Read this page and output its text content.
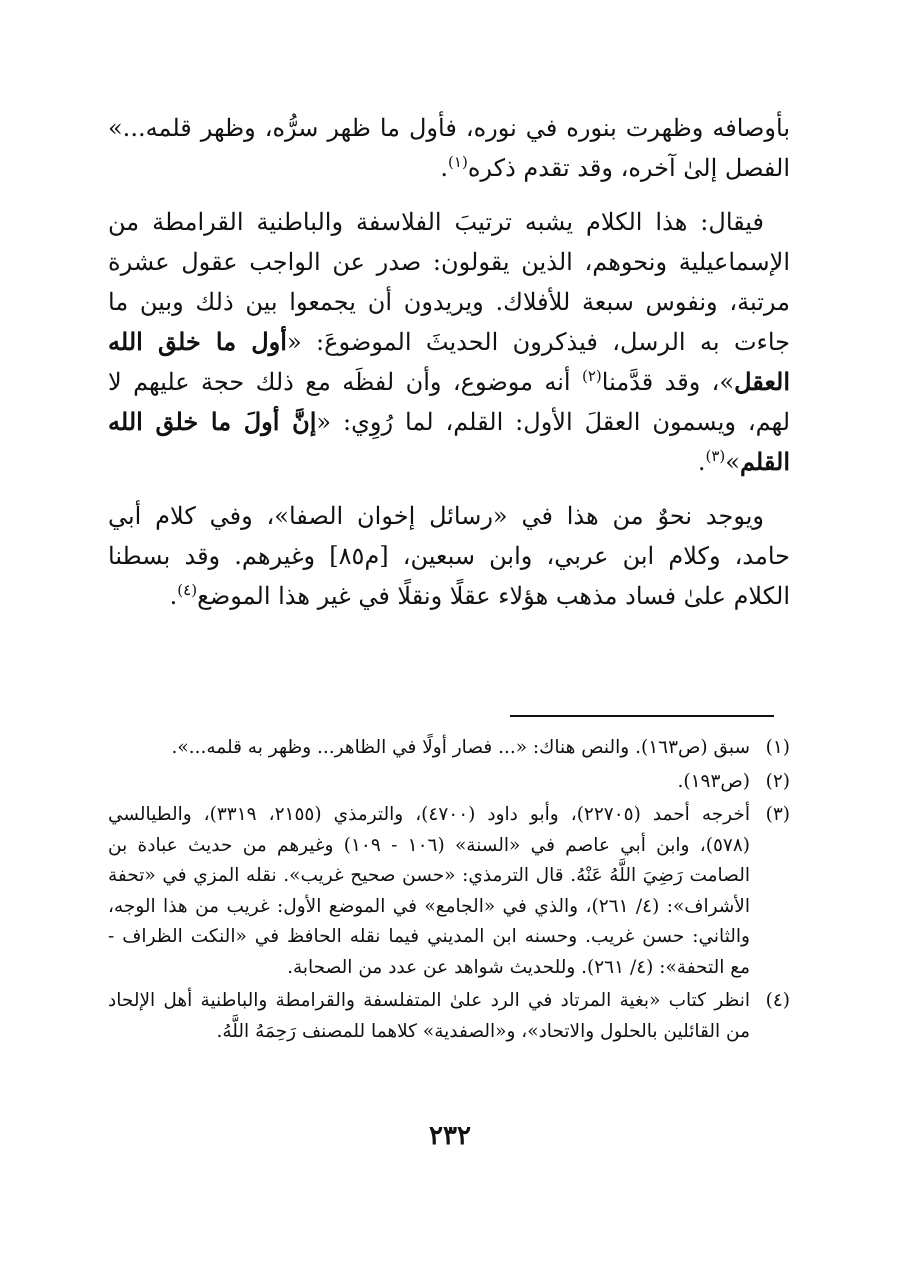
بأوصافه وظهرت بنوره في نوره، فأول ما ظهر سرُّه، وظهر قلمه...» الفصل إلىٰ آخره، وقد تقدم ذكره$^{(١)}$.

فيقال: هذا الكلام يشبه ترتيبَ الفلاسفة والباطنية القرامطة من الإسماعيلية ونحوهم، الذين يقولون: صدر عن الواجب عقول عشرة مرتبة، ونفوس سبعة للأفلاك. ويريدون أن يجمعوا بين ذلك وبين ما جاءت به الرسل، فيذكرون الحديثَ الموضوعَ: «أول ما خلق الله العقل»، وقد قدَّمنا$^{(٢)}$ أنه موضوع، وأن لفظَه مع ذلك حجة عليهم لا لهم، ويسمون العقلَ الأول: القلم، لما رُوِي: «إنَّ أولَ ما خلق الله القلم»$^{(٣)}$.

ويوجد نحوٌ من هذا في «رسائل إخوان الصفا»، وفي كلام أبي حامد، وكلام ابن عربي، وابن سبعين، [م٨٥] وغيرهم. وقد بسطنا الكلام علىٰ فساد مذهب هؤلاء عقلًا ونقلًا في غير هذا الموضع$^{(٤)}$.

(١)
سبق (ص١٦٣). والنص هناك: «... فصار أولًا في الظاهر... وظهر به قلمه...».
(٢)
(ص١٩٣).
(٣)
أخرجه أحمد (٢٢٧٠٥)، وأبو داود (٤٧٠٠)، والترمذي (٢١٥٥، ٣٣١٩)، والطيالسي (٥٧٨)، وابن أبي عاصم في «السنة» (١٠٦ - ١٠٩) وغيرهم من حديث عبادة بن الصامت رَضِيَ اللَّهُ عَنْهُ. قال الترمذي: «حسن صحيح غريب». نقله المزي في «تحفة الأشراف»: (٤/ ٢٦١)، والذي في «الجامع» في الموضع الأول: غريب من هذا الوجه، والثاني: حسن غريب. وحسنه ابن المديني فيما نقله الحافظ في «النكت الظراف - مع التحفة»: (٤/ ٢٦١). وللحديث شواهد عن عدد من الصحابة.
(٤)
انظر كتاب «بغية المرتاد في الرد علىٰ المتفلسفة والقرامطة والباطنية أهل الإلحاد من القائلين بالحلول والاتحاد»، و«الصفدية» كلاهما للمصنف رَحِمَهُ اللَّهُ.
٢٣٢
